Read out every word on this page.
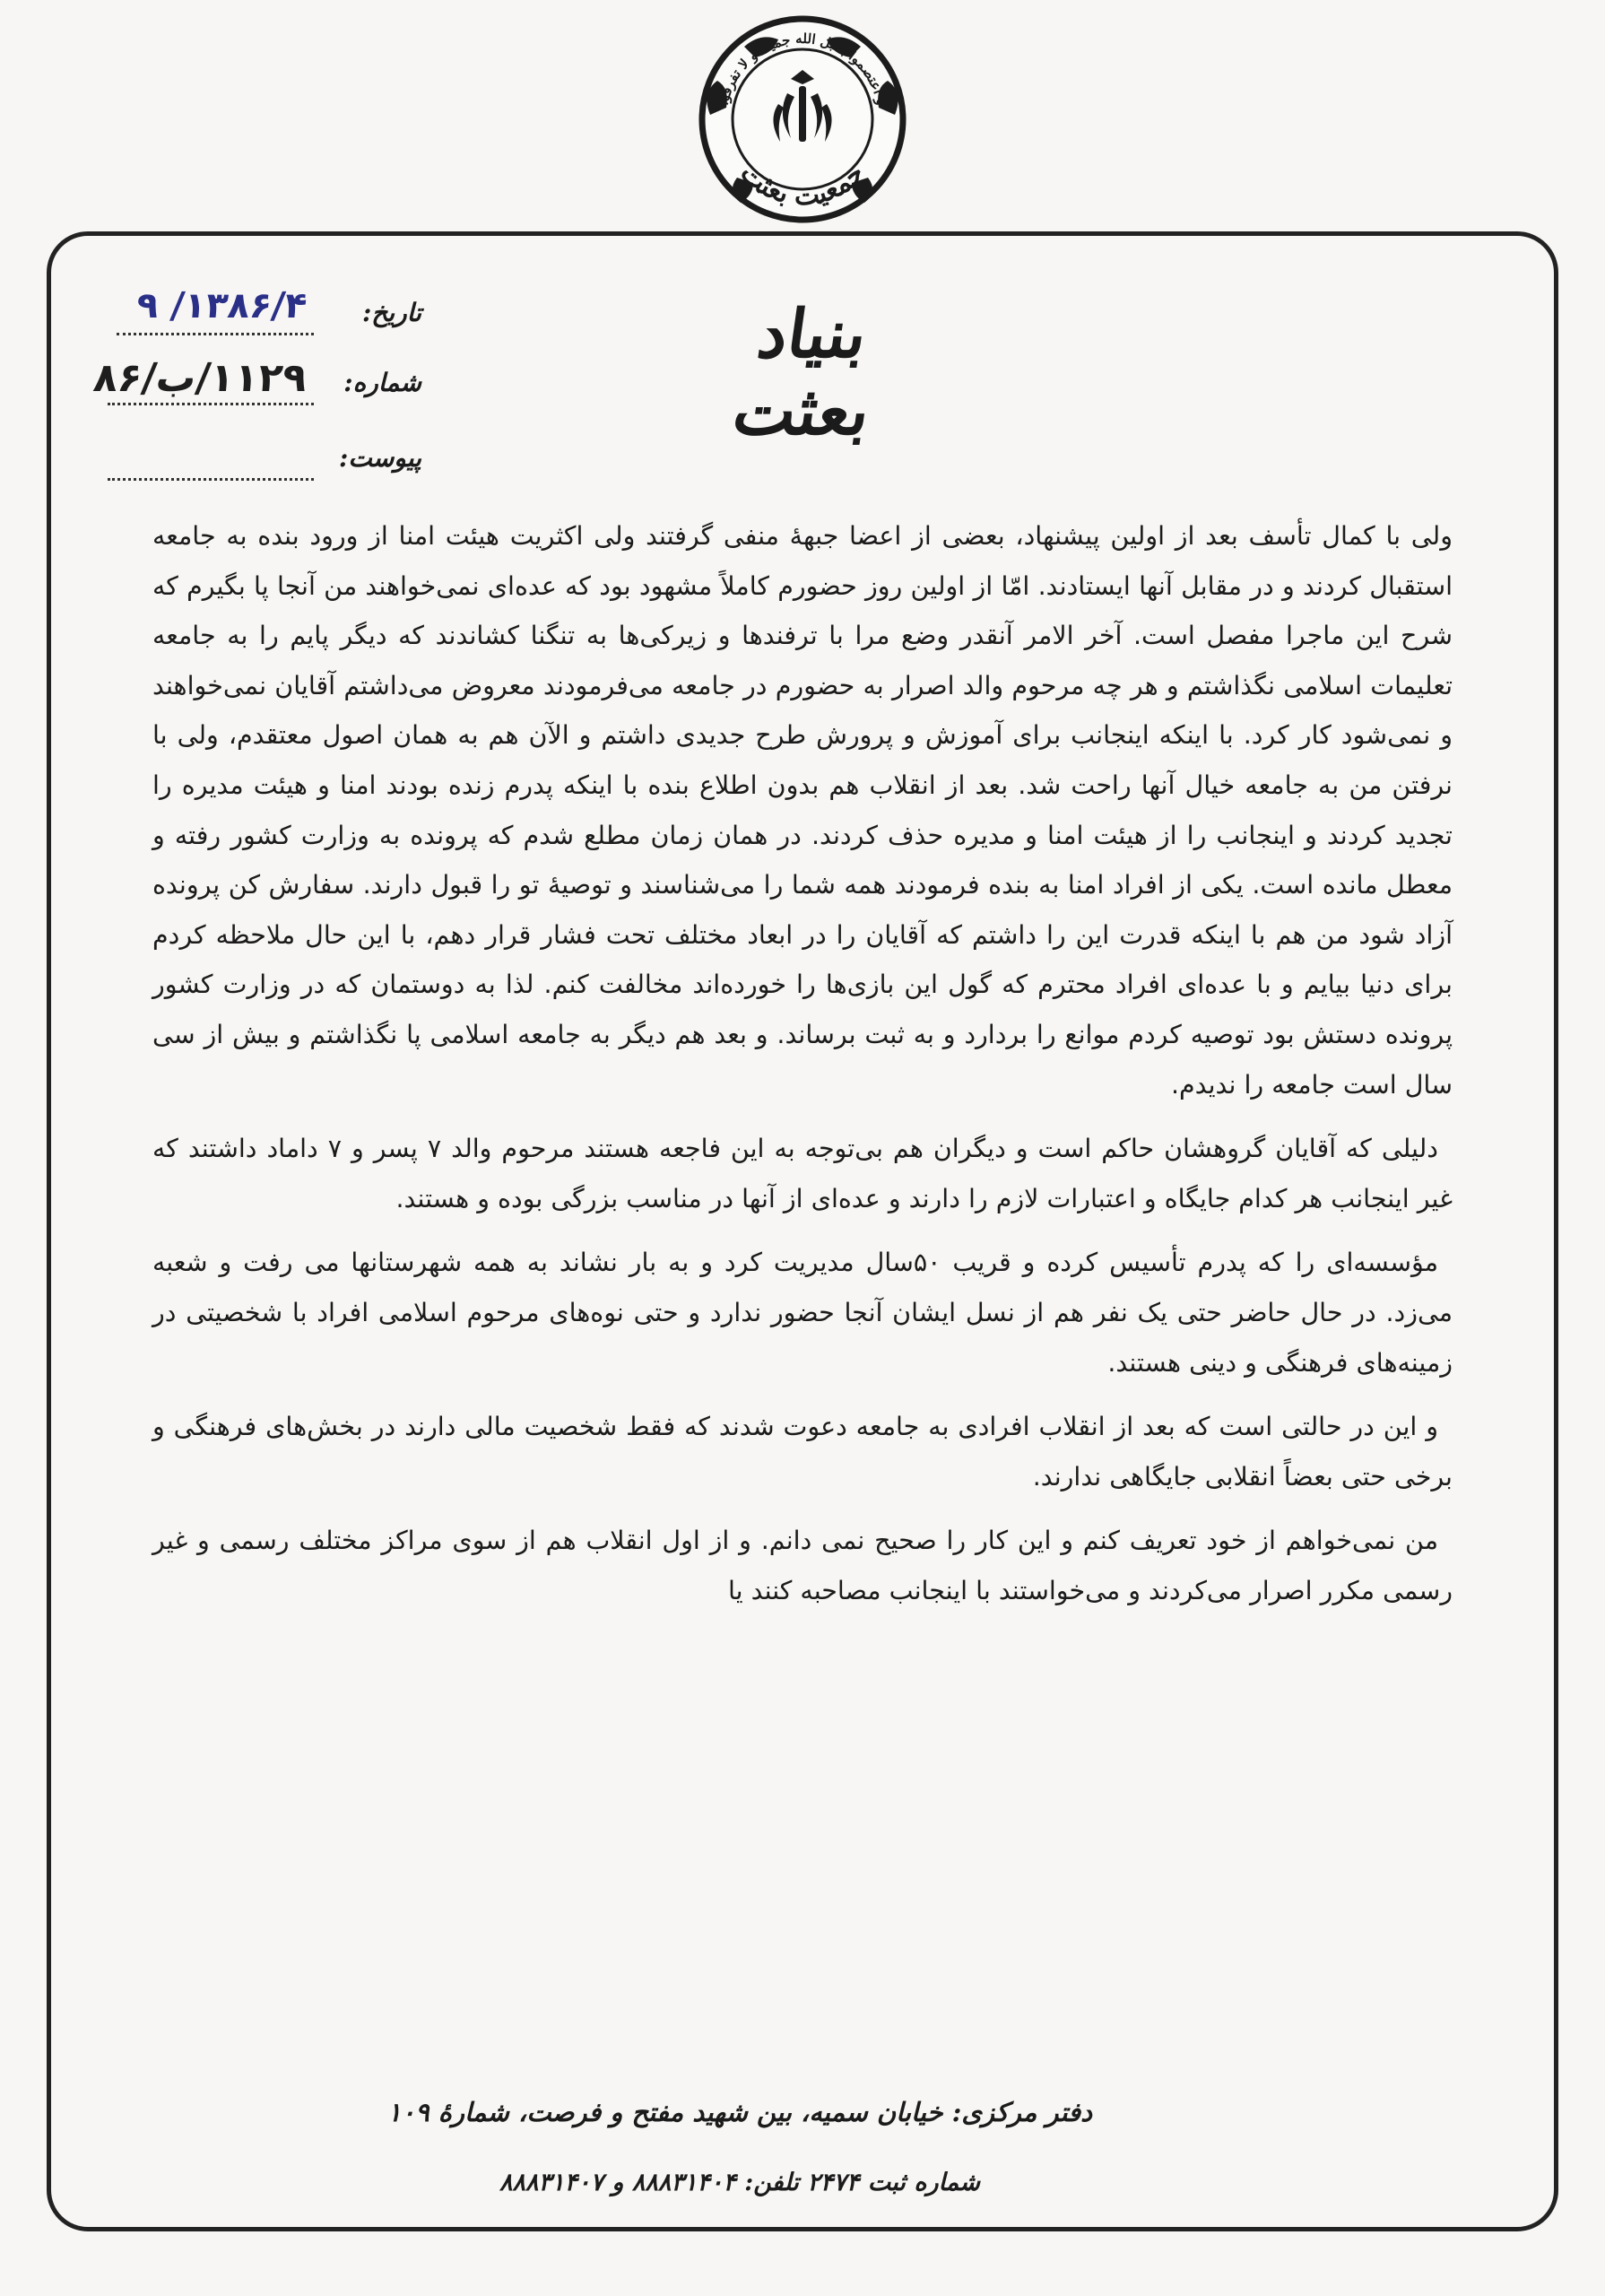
و اعتصموا بحبل الله جمیعا و لا تفرقوا
جمعیت بعثت
بنیاد بعثت
تاریخ:
۱۳۸۶/۴/ ۹
شماره:
۱۱۲۹/ب/۸۶
پیوست:

ولی با کمال تأسف بعد از اولین پیشنهاد، بعضی از اعضا جبهۀ منفی گرفتند ولی اکثریت هیئت امنا از ورود بنده به جامعه استقبال کردند و در مقابل آنها ایستادند. امّا از اولین روز حضورم کاملاً مشهود بود که عده‌ای نمی‌خواهند من آنجا پا بگیرم که شرح این ماجرا مفصل است. آخر الامر آنقدر وضع مرا با ترفندها و زیرکی‌ها به تنگنا کشاندند که دیگر پایم را به جامعه تعلیمات اسلامی نگذاشتم و هر چه مرحوم والد اصرار به حضورم در جامعه می‌فرمودند معروض می‌داشتم آقایان نمی‌خواهند و نمی‌شود کار کرد. با اینکه اینجانب برای آموزش و پرورش طرح جدیدی داشتم و الآن هم به همان اصول معتقدم، ولی با نرفتن من به جامعه خیال آنها راحت شد. بعد از انقلاب هم بدون اطلاع بنده با اینکه پدرم زنده بودند امنا و هیئت مدیره را تجدید کردند و اینجانب را از هیئت امنا و مدیره حذف کردند. در همان زمان مطلع شدم که پرونده به وزارت کشور رفته و معطل مانده است. یکی از افراد امنا به بنده فرمودند همه شما را می‌شناسند و توصیۀ تو را قبول دارند. سفارش کن پرونده آزاد شود من هم با اینکه قدرت این را داشتم که آقایان را در ابعاد مختلف تحت فشار قرار دهم، با این حال ملاحظه کردم برای دنیا بیایم و با عده‌ای افراد محترم که گول این بازی‌ها را خورده‌اند مخالفت کنم. لذا به دوستمان که در وزارت کشور پرونده دستش بود توصیه کردم موانع را بردارد و به ثبت برساند. و بعد هم دیگر به جامعه اسلامی پا نگذاشتم و بیش از سی سال است جامعه را ندیدم.

دلیلی که آقایان گروهشان حاکم است و دیگران هم بی‌توجه به این فاجعه هستند مرحوم والد ۷ پسر و ۷ داماد داشتند که غیر اینجانب هر کدام جایگاه و اعتبارات لازم را دارند و عده‌ای از آنها در مناسب بزرگی بوده و هستند.

مؤسسه‌ای را که پدرم تأسیس کرده و قریب ۵۰سال مدیریت کرد و به بار نشاند به همه شهرستانها می رفت و شعبه می‌زد. در حال حاضر حتی یک نفر هم از نسل ایشان آنجا حضور ندارد و حتی نوه‌های مرحوم اسلامی افراد با شخصیتی در زمینه‌های فرهنگی و دینی هستند.

و این در حالتی است که بعد از انقلاب افرادی به جامعه دعوت شدند که فقط شخصیت مالی دارند در بخش‌های فرهنگی و برخی حتی بعضاً انقلابی جایگاهی ندارند.

من نمی‌خواهم از خود تعریف کنم و این کار را صحیح نمی دانم. و از اول انقلاب هم از سوی مراکز مختلف رسمی و غیر رسمی مکرر اصرار می‌کردند و می‌خواستند با اینجانب مصاحبه کنند یا

دفتر مرکزی: خیابان سمیه، بین شهید مفتح و فرصت، شمارۀ ۱۰۹
شماره ثبت ۲۴۷۴ تلفن: ۸۸۸۳۱۴۰۴ و ۸۸۸۳۱۴۰۷
